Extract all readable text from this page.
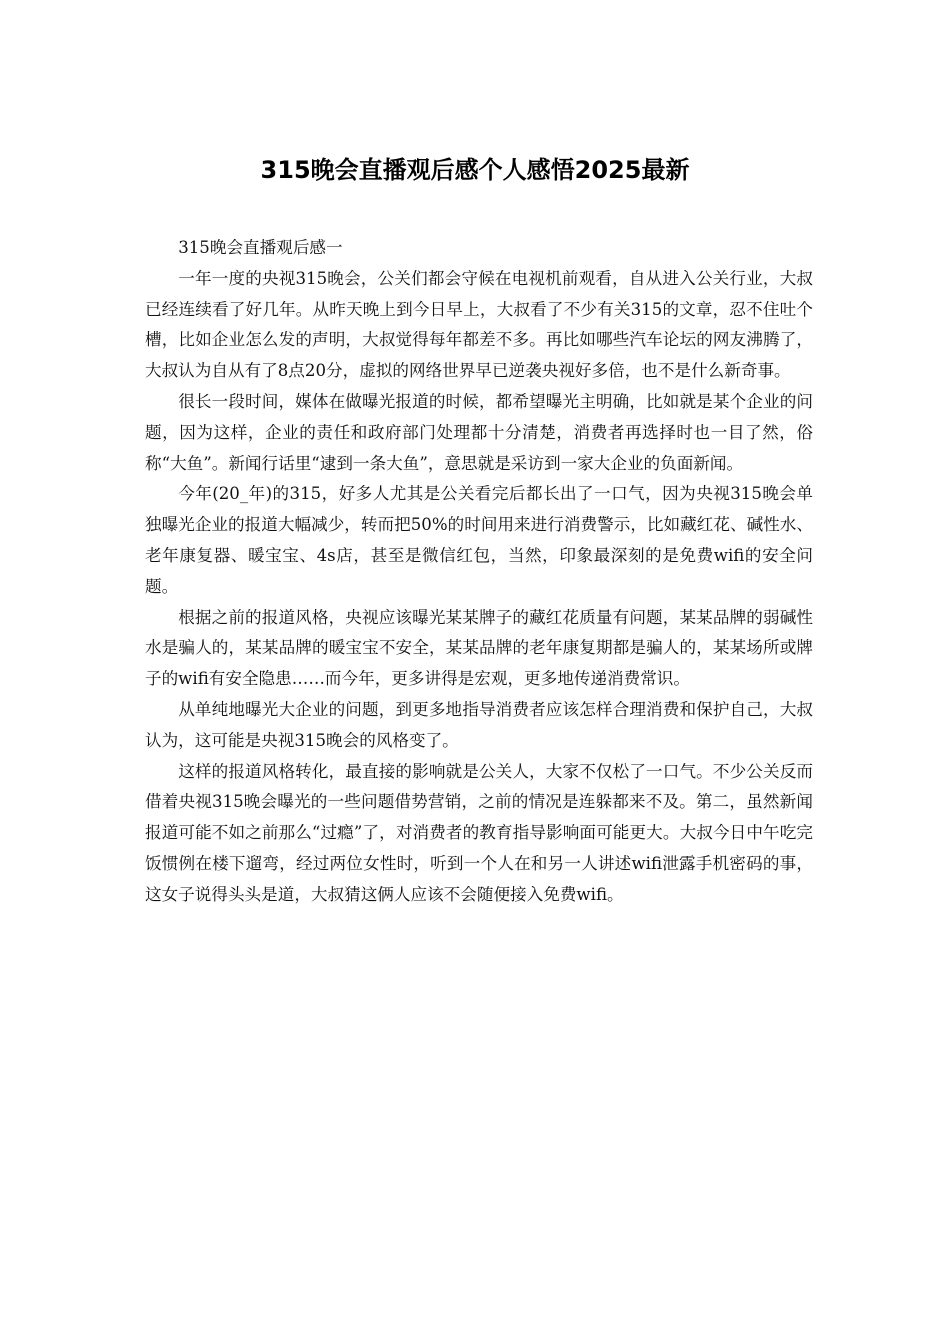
315晚会直播观后感个人感悟2025最新

315晚会直播观后感一

一年一度的央视315晚会，公关们都会守候在电视机前观看，自从进入公关行业，大叔已经连续看了好几年。从昨天晚上到今日早上，大叔看了不少有关315的文章，忍不住吐个槽，比如企业怎么发的声明，大叔觉得每年都差不多。再比如哪些汽车论坛的网友沸腾了，大叔认为自从有了8点20分，虚拟的网络世界早已逆袭央视好多倍，也不是什么新奇事。

很长一段时间，媒体在做曝光报道的时候，都希望曝光主明确，比如就是某个企业的问题，因为这样，企业的责任和政府部门处理都十分清楚，消费者再选择时也一目了然，俗称“大鱼”。新闻行话里“逮到一条大鱼”，意思就是采访到一家大企业的负面新闻。

今年(20_年)的315，好多人尤其是公关看完后都长出了一口气，因为央视315晚会单独曝光企业的报道大幅减少，转而把50%的时间用来进行消费警示，比如藏红花、碱性水、老年康复器、暖宝宝、4s店，甚至是微信红包，当然，印象最深刻的是免费wifi的安全问题。

根据之前的报道风格，央视应该曝光某某牌子的藏红花质量有问题，某某品牌的弱碱性水是骗人的，某某品牌的暖宝宝不安全，某某品牌的老年康复期都是骗人的，某某场所或牌子的wifi有安全隐患……而今年，更多讲得是宏观，更多地传递消费常识。

从单纯地曝光大企业的问题，到更多地指导消费者应该怎样合理消费和保护自己，大叔认为，这可能是央视315晚会的风格变了。

这样的报道风格转化，最直接的影响就是公关人，大家不仅松了一口气。不少公关反而借着央视315晚会曝光的一些问题借势营销，之前的情况是连躲都来不及。第二，虽然新闻报道可能不如之前那么“过瘾”了，对消费者的教育指导影响面可能更大。大叔今日中午吃完饭惯例在楼下遛弯，经过两位女性时，听到一个人在和另一人讲述wifi泄露手机密码的事，这女子说得头头是道，大叔猜这俩人应该不会随便接入免费wifi。
